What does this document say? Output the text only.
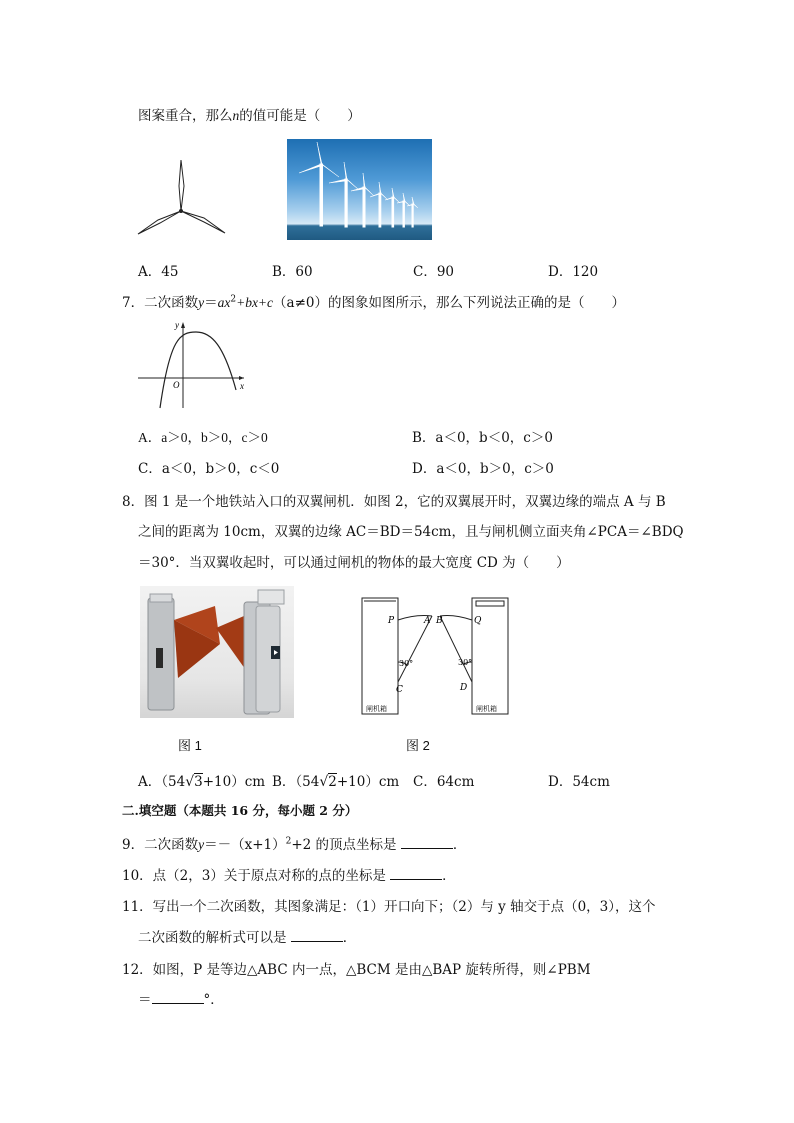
图案重合，那么n的值可能是（　　）
A．45	B．60	C．90	D．120
7．二次函数$y=ax^2+bx+c(a\ne 0)$的图象如图所示，那么下列说法正确的是（　　）
y
x
O
A．a＞0，b＞0，c＞0	B．a＜0，b＜0，c＞0
C．a＜0，b＞0，c＜0	D．a＜0，b＞0，c＞0
8．图 1 是一个地铁站入口的双翼闸机．如图 2，它的双翼展开时，双翼边缘的端点 A 与 B
之间的距离为 10cm，双翼的边缘 AC＝BD＝54cm，且与闸机侧立面夹角∠PCA＝∠BDQ
＝30°．当双翼收起时，可以通过闸机的物体的最大宽度 CD 为（　　）
P	A B	Q
C	D
30°	30°
闸机箱	闸机箱
图 1	图 2
A．（54√3+10）cm B．（54√2+10）cm C．64cm	D．54cm
二.填空题（本题共 16 分，每小题 2 分）
9．二次函数$y=-(x+1)^2+2$ 的顶点坐标是	．
10．点（2，3）关于原点对称的点的坐标是	．
11．写出一个二次函数，其图象满足：（1）开口向下；（2）与 y 轴交于点（0，3），这个
二次函数的解析式可以是	．
12．如图，P 是等边△ABC 内一点，△BCM 是由△BAP 旋转所得，则∠PBM
＝	°．
